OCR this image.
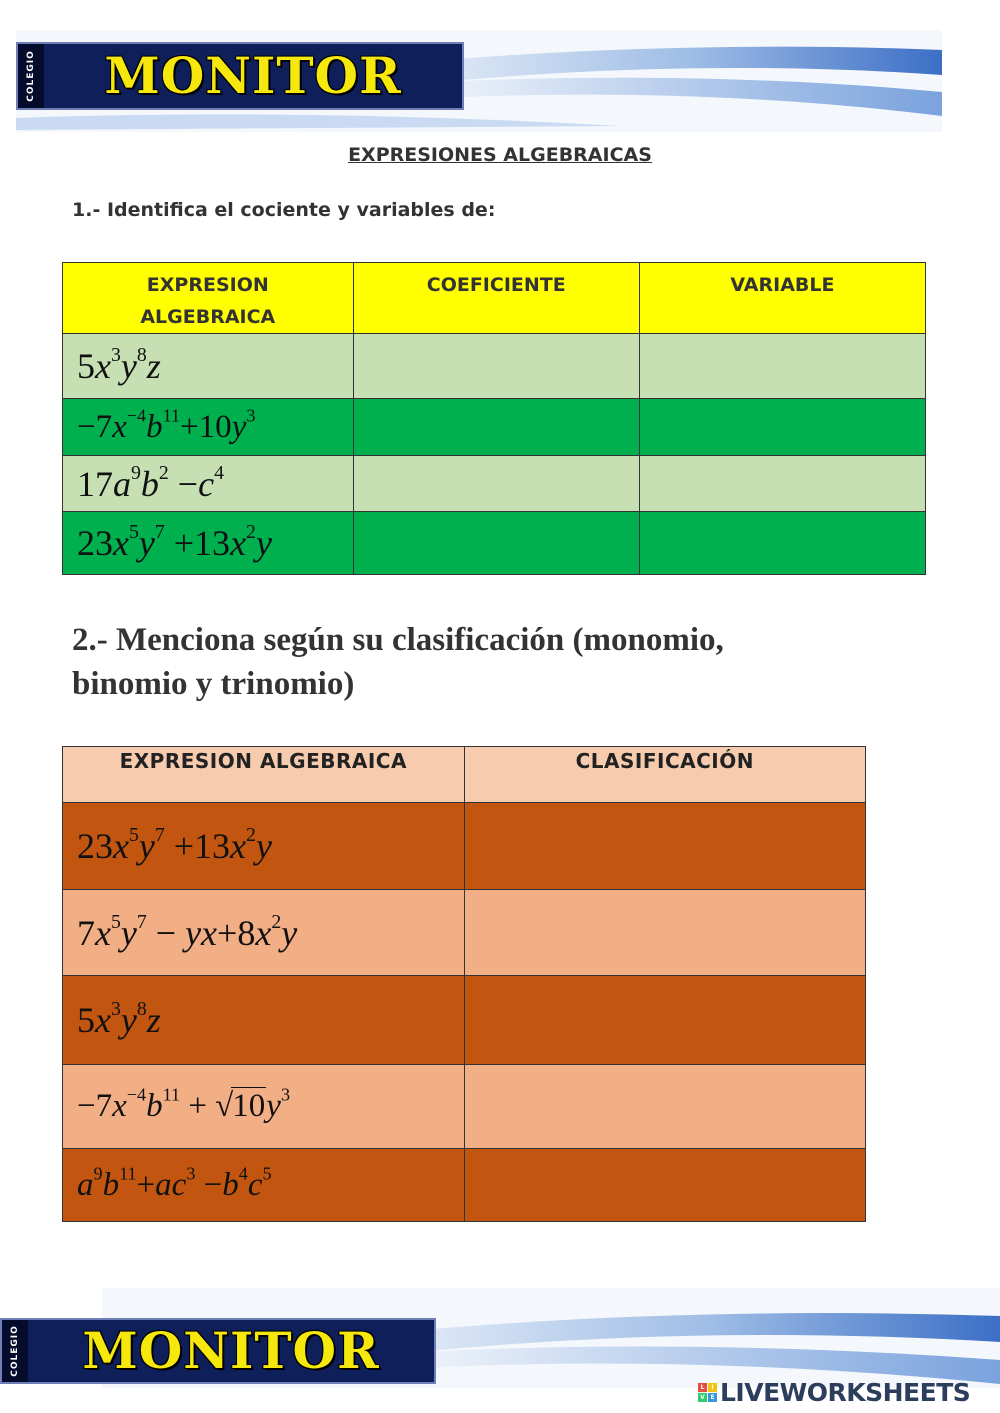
COLEGIO	MONITOR
EXPRESIONES ALGEBRAICAS
1.- Identifica el cociente y variables de:
EXPRESION
ALGEBRAICA	COEFICIENTE	VARIABLE
$5x^3y^8z$		
$-7x^{-4}b^{11}+10y^3$		
$17a^9b^2 -c^4$		
$23x^5y^7 +13x^2y$		
2.- Menciona según su clasificación (monomio,
binomio y trinomio)
EXPRESION ALGEBRAICA	CLASIFICACIÓN
$23x^5y^7 +13x^2y$	
$7x^5y^7 - yx+8x^2y$	
$5x^3y^8z$	
$-7x^{-4}b^{11} + √10y^3$	
$a^9b^{11}+ac^3 -b^4c^5$	
COLEGIO	MONITOR
L	I
V E LIVEWORKSHEETS
